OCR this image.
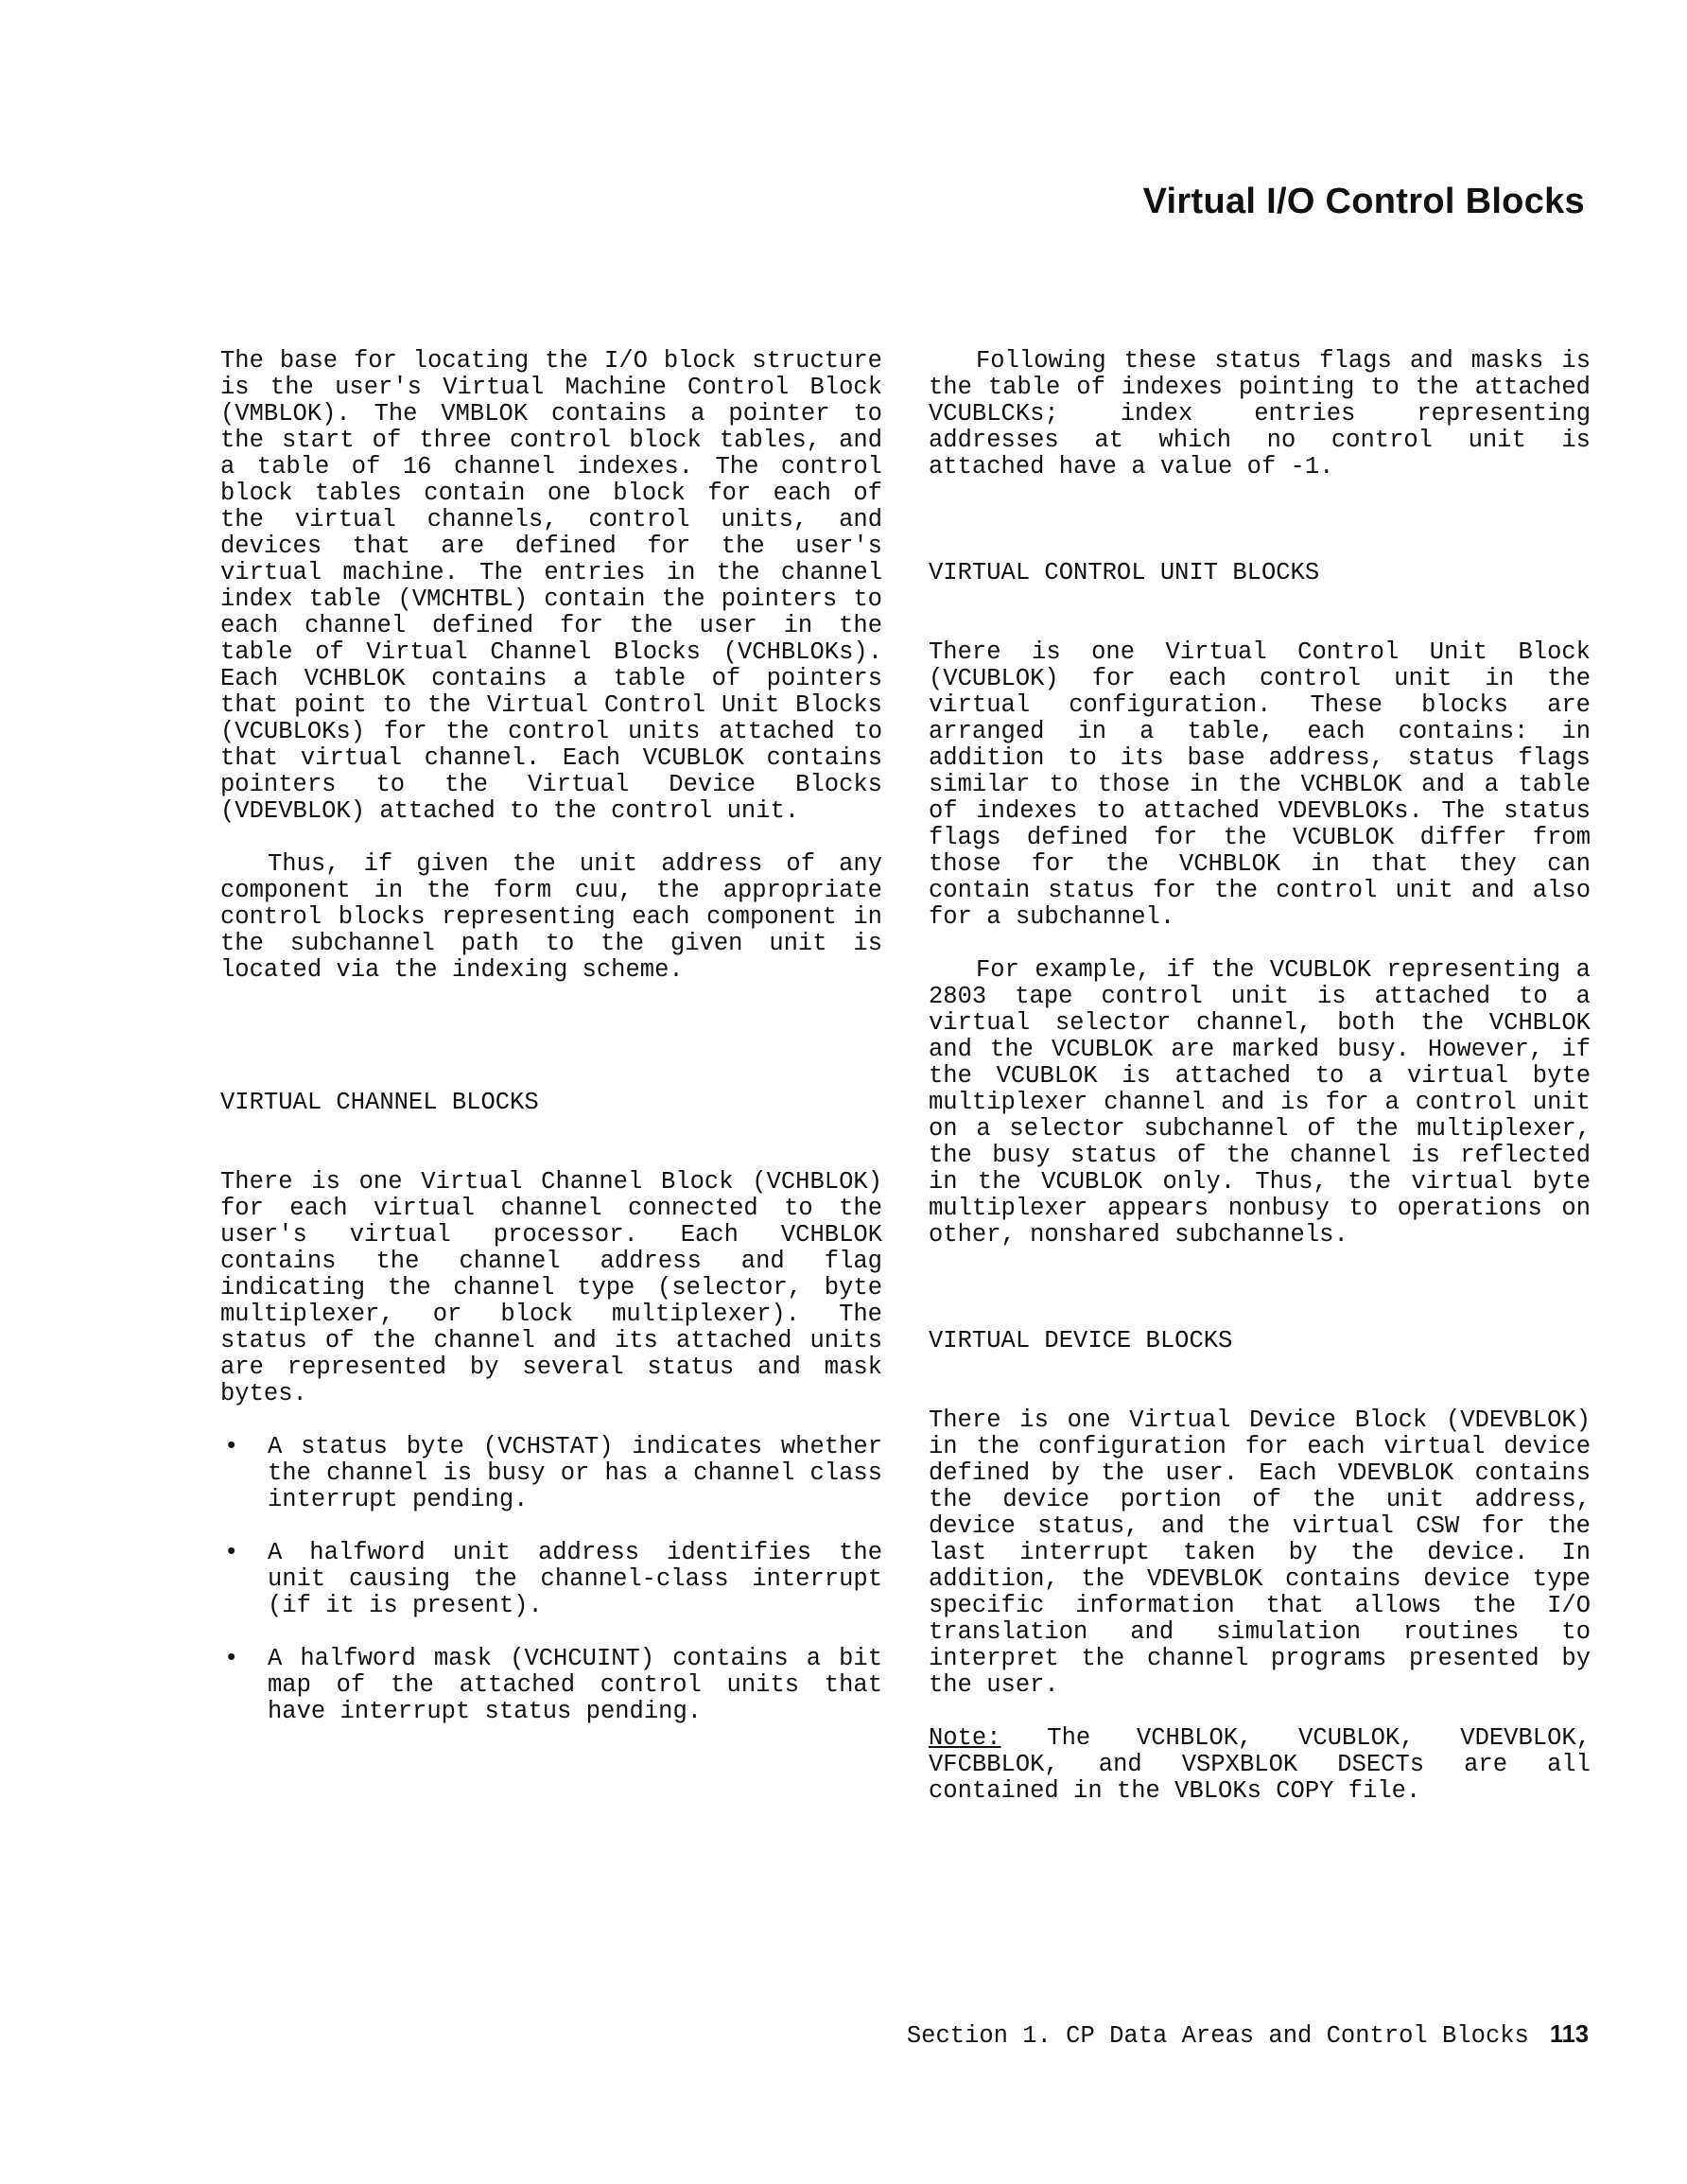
Virtual I/O Control Blocks

The base for locating the I/O block structure is the user's Virtual Machine Control Block (VMBLOK). The VMBLOK contains a pointer to the start of three control block tables, and a table of 16 channel indexes. The control block tables contain one block for each of the virtual channels, control units, and devices that are defined for the user's virtual machine. The entries in the channel index table (VMCHTBL) contain the pointers to each channel defined for the user in the table of Virtual Channel Blocks (VCHBLOKs). Each VCHBLOK contains a table of pointers that point to the Virtual Control Unit Blocks (VCUBLOKs) for the control units attached to that virtual channel. Each VCUBLOK contains pointers to the Virtual Device Blocks (VDEVBLOK) attached to the control unit.

Thus, if given the unit address of any component in the form cuu, the appropriate control blocks representing each component in the subchannel path to the given unit is located via the indexing scheme.

VIRTUAL CHANNEL BLOCKS

There is one Virtual Channel Block (VCHBLOK) for each virtual channel connected to the user's virtual processor. Each VCHBLOK contains the channel address and flag indicating the channel type (selector, byte multiplexer, or block multiplexer). The status of the channel and its attached units are represented by several status and mask bytes.

• A status byte (VCHSTAT) indicates whether the channel is busy or has a channel class interrupt pending.
• A halfword unit address identifies the unit causing the channel-class interrupt (if it is present).
• A halfword mask (VCHCUINT) contains a bit map of the attached control units that have interrupt status pending.

Following these status flags and masks is the table of indexes pointing to the attached VCUBLCKs; index entries representing addresses at which no control unit is attached have a value of -1.

VIRTUAL CONTROL UNIT BLOCKS

There is one Virtual Control Unit Block (VCUBLOK) for each control unit in the virtual configuration. These blocks are arranged in a table, each contains: in addition to its base address, status flags similar to those in the VCHBLOK and a table of indexes to attached VDEVBLOKs. The status flags defined for the VCUBLOK differ from those for the VCHBLOK in that they can contain status for the control unit and also for a subchannel.

For example, if the VCUBLOK representing a 2803 tape control unit is attached to a virtual selector channel, both the VCHBLOK and the VCUBLOK are marked busy. However, if the VCUBLOK is attached to a virtual byte multiplexer channel and is for a control unit on a selector subchannel of the multiplexer, the busy status of the channel is reflected in the VCUBLOK only. Thus, the virtual byte multiplexer appears nonbusy to operations on other, nonshared subchannels.

VIRTUAL DEVICE BLOCKS

There is one Virtual Device Block (VDEVBLOK) in the configuration for each virtual device defined by the user. Each VDEVBLOK contains the device portion of the unit address, device status, and the virtual CSW for the last interrupt taken by the device. In addition, the VDEVBLOK contains device type specific information that allows the I/O translation and simulation routines to interpret the channel programs presented by the user.

Note: The VCHBLOK, VCUBLOK, VDEVBLOK, VFCBBLOK, and VSPXBLOK DSECTs are all contained in the VBLOKs COPY file.

Section 1. CP Data Areas and Control Blocks 113
